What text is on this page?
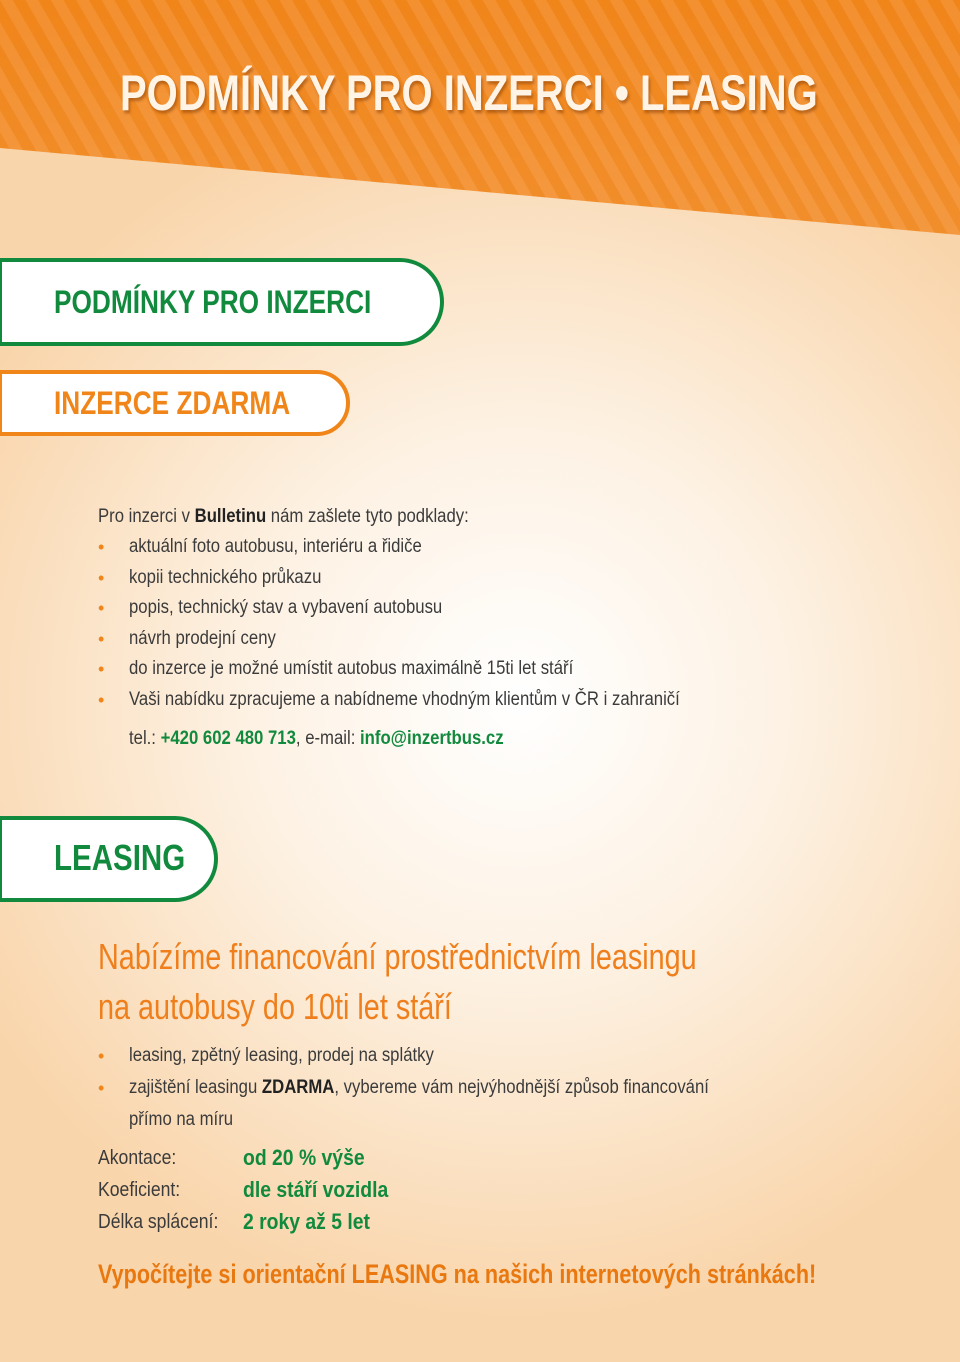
PODMÍNKY PRO INZERCI • LEASING
PODMÍNKY PRO INZERCI
INZERCE ZDARMA
Pro inzerci v Bulletinu nám zašlete tyto podklady:
• aktuální foto autobusu, interiéru a řidiče
• kopii technického průkazu
• popis, technický stav a vybavení autobusu
• návrh prodejní ceny
• do inzerce je možné umístit autobus maximálně 15ti let stáří
• Vaši nabídku zpracujeme a nabídneme vhodným klientům v ČR i zahraničí
tel.: +420 602 480 713, e-mail: info@inzertbus.cz
LEASING
Nabízíme financování prostřednictvím leasingu
na autobusy do 10ti let stáří
• leasing, zpětný leasing, prodej na splátky
• zajištění leasingu ZDARMA, vybereme vám nejvýhodnější způsob financování
přímo na míru
Akontace:	od 20 % výše
Koeficient:	dle stáří vozidla
Délka splácení: 2 roky až 5 let
Vypočítejte si orientační LEASING na našich internetových stránkách!
